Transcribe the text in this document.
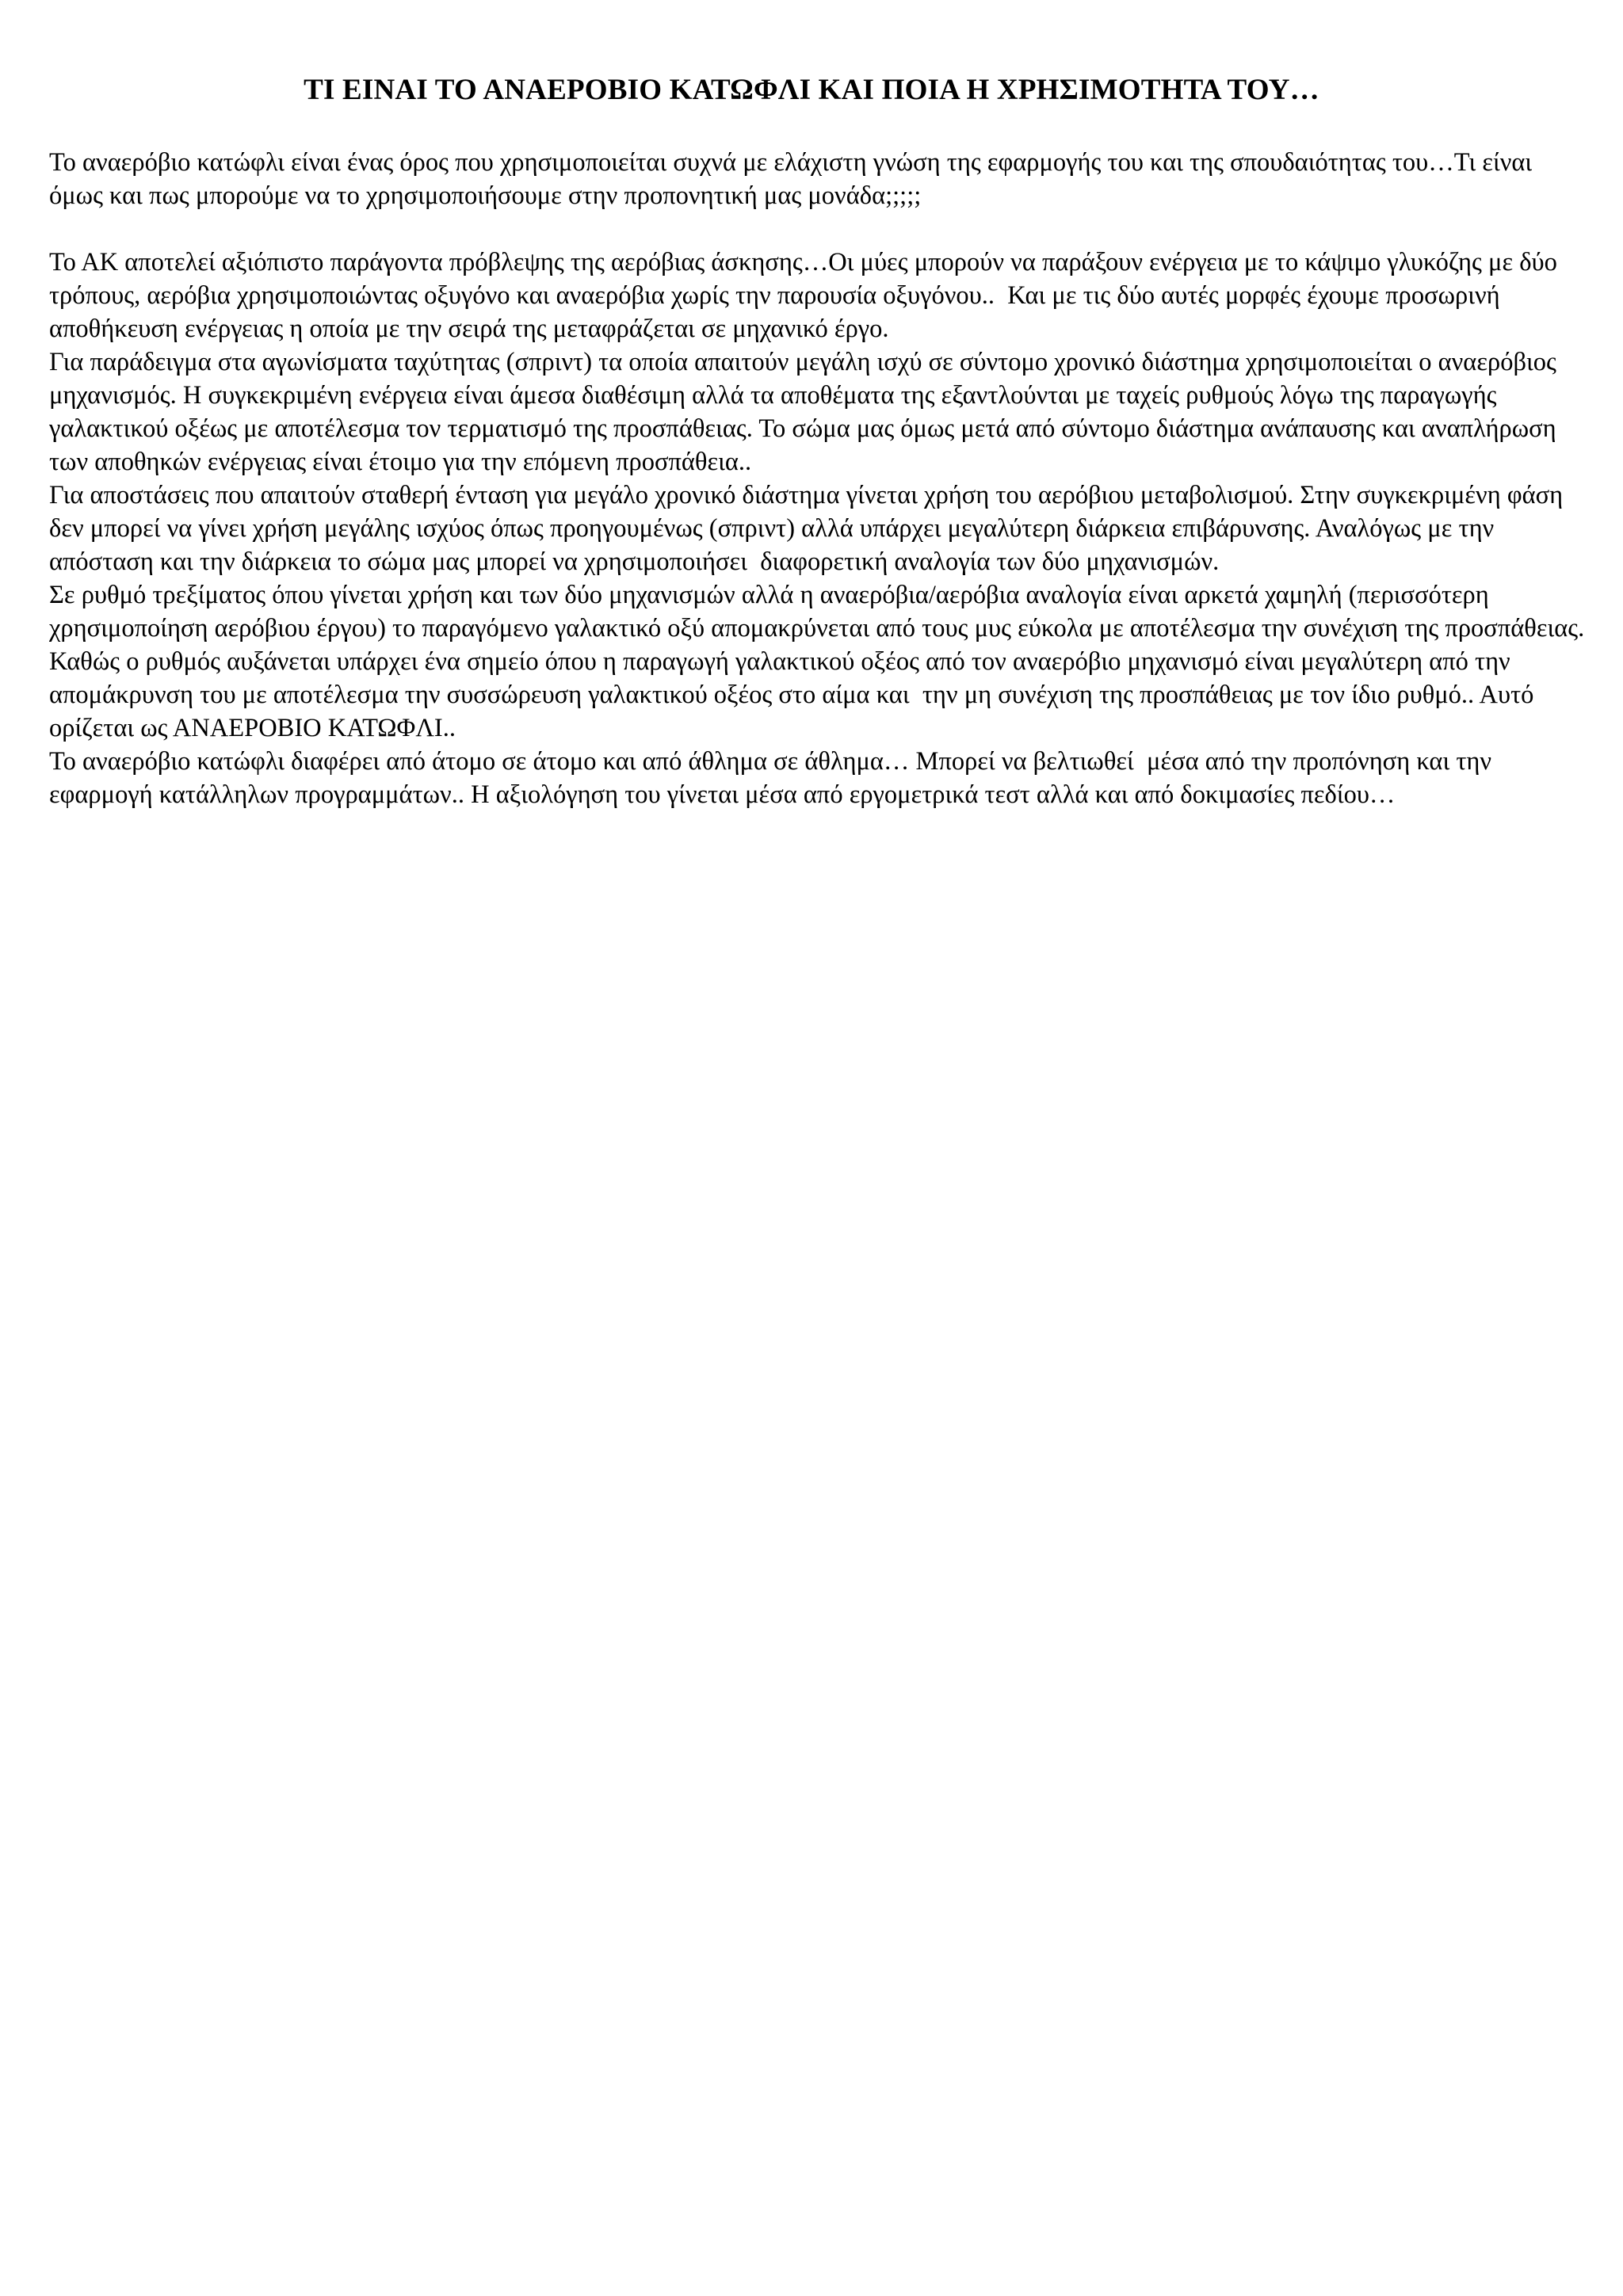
ΤΙ ΕΙΝΑΙ ΤΟ ΑΝΑΕΡΟΒΙΟ ΚΑΤΩΦΛΙ ΚΑΙ ΠΟΙΑ Η ΧΡΗΣΙΜΟΤΗΤΑ ΤΟΥ…

Το αναερόβιο κατώφλι είναι ένας όρος που χρησιμοποιείται συχνά με ελάχιστη γνώση της εφαρμογής του και της σπουδαιότητας του…Τι είναι όμως και πως μπορούμε να το χρησιμοποιήσουμε στην προπονητική μας μονάδα;;;;;

Το ΑΚ αποτελεί αξιόπιστο παράγοντα πρόβλεψης της αερόβιας άσκησης…Οι μύες μπορούν να παράξουν ενέργεια με το κάψιμο γλυκόζης με δύο τρόπους, αερόβια χρησιμοποιώντας οξυγόνο και αναερόβια χωρίς την παρουσία οξυγόνου..  Και με τις δύο αυτές μορφές έχουμε προσωρινή αποθήκευση ενέργειας η οποία με την σειρά της μεταφράζεται σε μηχανικό έργο.

Για παράδειγμα στα αγωνίσματα ταχύτητας (σπριντ) τα οποία απαιτούν μεγάλη ισχύ σε σύντομο χρονικό διάστημα χρησιμοποιείται ο αναερόβιος μηχανισμός. Η συγκεκριμένη ενέργεια είναι άμεσα διαθέσιμη αλλά τα αποθέματα της εξαντλούνται με ταχείς ρυθμούς λόγω της παραγωγής γαλακτικού οξέως με αποτέλεσμα τον τερματισμό της προσπάθειας. Το σώμα μας όμως μετά από σύντομο διάστημα ανάπαυσης και αναπλήρωση των αποθηκών ενέργειας είναι έτοιμο για την επόμενη προσπάθεια..

Για αποστάσεις που απαιτούν σταθερή ένταση για μεγάλο χρονικό διάστημα γίνεται χρήση του αερόβιου μεταβολισμού. Στην συγκεκριμένη φάση δεν μπορεί να γίνει χρήση μεγάλης ισχύος όπως προηγουμένως (σπριντ) αλλά υπάρχει μεγαλύτερη διάρκεια επιβάρυνσης. Αναλόγως με την απόσταση και την διάρκεια το σώμα μας μπορεί να χρησιμοποιήσει  διαφορετική αναλογία των δύο μηχανισμών.

Σε ρυθμό τρεξίματος όπου γίνεται χρήση και των δύο μηχανισμών αλλά η αναερόβια/αερόβια αναλογία είναι αρκετά χαμηλή (περισσότερη χρησιμοποίηση αερόβιου έργου) το παραγόμενο γαλακτικό οξύ απομακρύνεται από τους μυς εύκολα με αποτέλεσμα την συνέχιση της προσπάθειας. Καθώς ο ρυθμός αυξάνεται υπάρχει ένα σημείο όπου η παραγωγή γαλακτικού οξέος από τον αναερόβιο μηχανισμό είναι μεγαλύτερη από την απομάκρυνση του με αποτέλεσμα την συσσώρευση γαλακτικού οξέος στο αίμα και  την μη συνέχιση της προσπάθειας με τον ίδιο ρυθμό.. Αυτό ορίζεται ως ΑΝΑΕΡΟΒΙΟ ΚΑΤΩΦΛΙ..

Το αναερόβιο κατώφλι διαφέρει από άτομο σε άτομο και από άθλημα σε άθλημα… Μπορεί να βελτιωθεί  μέσα από την προπόνηση και την εφαρμογή κατάλληλων προγραμμάτων.. Η αξιολόγηση του γίνεται μέσα από εργομετρικά τεστ αλλά και από δοκιμασίες πεδίου…
